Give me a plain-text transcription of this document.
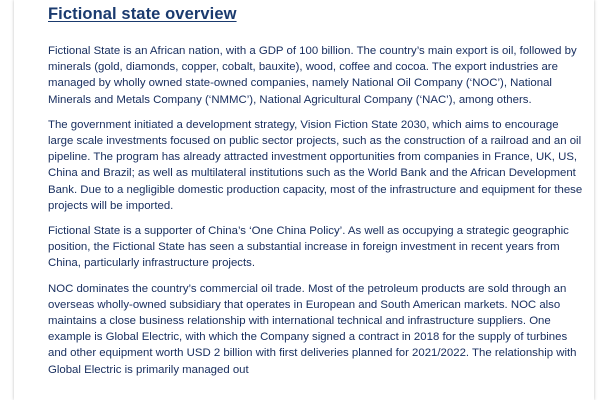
Fictional state overview

Fictional State is an African nation, with a GDP of 100 billion. The country’s main export is oil, followed by minerals (gold, diamonds, copper, cobalt, bauxite), wood, coffee and cocoa. The export industries are managed by wholly owned state-owned companies, namely National Oil Company (‘NOC’), National Minerals and Metals Company (‘NMMC’), National Agricultural Company (‘NAC’), among others.

The government initiated a development strategy, Vision Fiction State 2030, which aims to encourage large scale investments focused on public sector projects, such as the construction of a railroad and an oil pipeline. The program has already attracted investment opportunities from companies in France, UK, US, China and Brazil; as well as multilateral institutions such as the World Bank and the African Development Bank. Due to a negligible domestic production capacity, most of the infrastructure and equipment for these projects will be imported.

Fictional State is a supporter of China’s ‘One China Policy’. As well as occupying a strategic geographic position, the Fictional State has seen a substantial increase in foreign investment in recent years from China, particularly infrastructure projects.

NOC dominates the country’s commercial oil trade. Most of the petroleum products are sold through an overseas wholly-owned subsidiary that operates in European and South American markets. NOC also maintains a close business relationship with international technical and infrastructure suppliers. One example is Global Electric, with which the Company signed a contract in 2018 for the supply of turbines and other equipment worth USD 2 billion with first deliveries planned for 2021/2022. The relationship with Global Electric is primarily managed out
